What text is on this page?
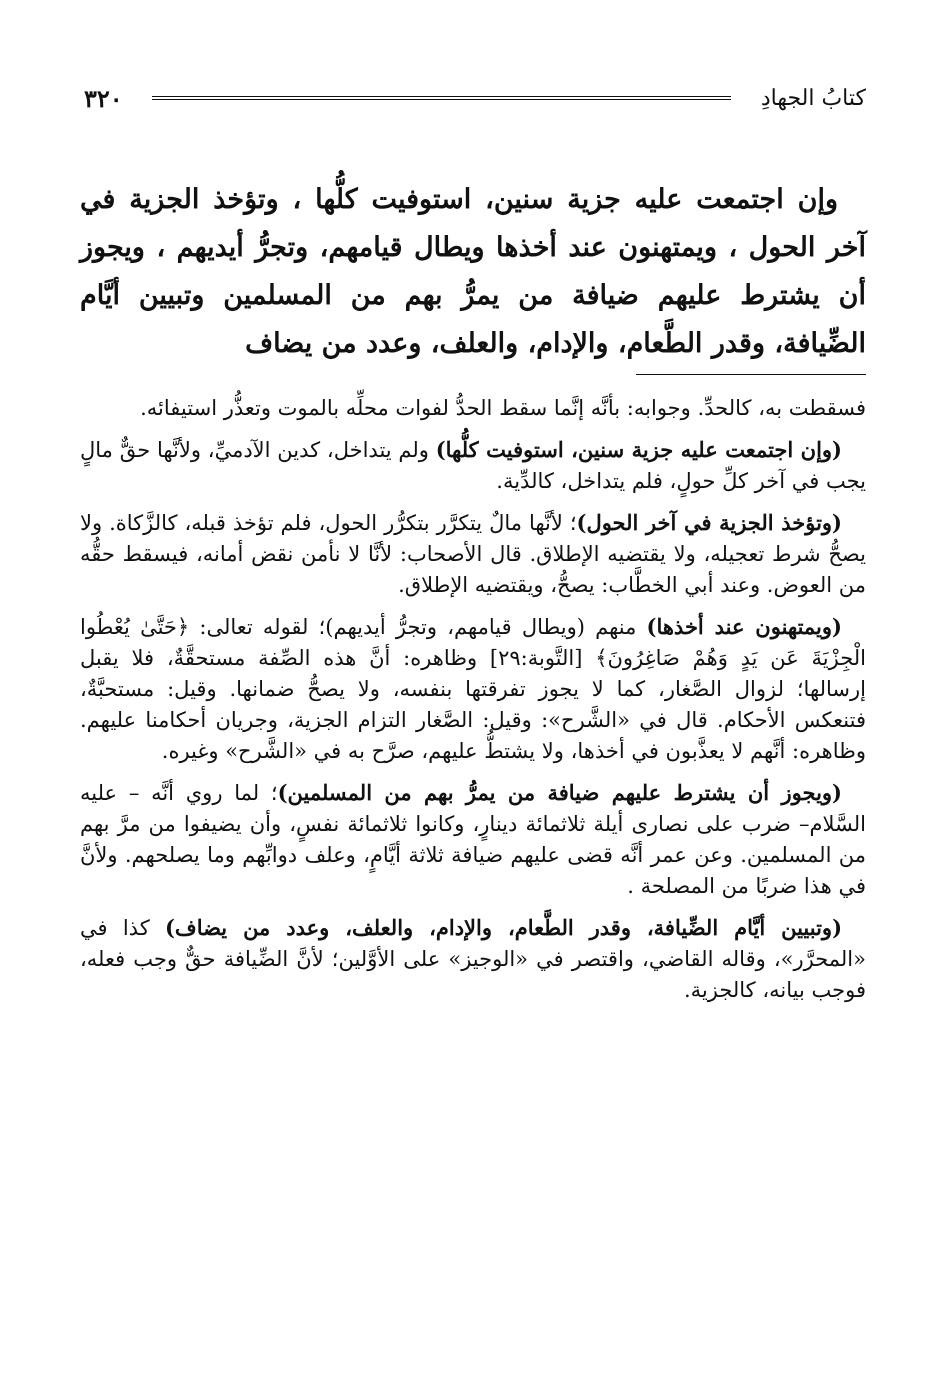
٣٢٠	كتابُ الجهادِ
وإن اجتمعت عليه جزية سنين، استوفيت كلُّها ، وتؤخذ الجزية في آخر الحول ، ويمتهنون عند أخذها ويطال قيامهم، وتجرُّ أيديهم ، ويجوز أن يشترط عليهم ضيافة من يمرُّ بهم من المسلمين وتبيين أيَّام الضِّيافة، وقدر الطَّعام، والإدام، والعلف، وعدد من يضاف

فسقطت به، كالحدِّ. وجوابه: بأنَّه إنَّما سقط الحدُّ لفوات محلِّه بالموت وتعذُّر استيفائه.

(وإن اجتمعت عليه جزية سنين، استوفيت كلُّها) ولم يتداخل، كدين الآدميِّ، ولأنَّها حقٌّ مالٍ يجب في آخر كلِّ حولٍ، فلم يتداخل، كالدِّية.

(وتؤخذ الجزية في آخر الحول)؛ لأنَّها مالٌ يتكرَّر بتكرُّر الحول، فلم تؤخذ قبله، كالزَّكاة. ولا يصحُّ شرط تعجيله، ولا يقتضيه الإطلاق. قال الأصحاب: لأنَّا لا نأمن نقض أمانه، فيسقط حقُّه من العوض. وعند أبي الخطَّاب: يصحُّ، ويقتضيه الإطلاق.

(ويمتهنون عند أخذها) منهم (ويطال قيامهم، وتجرُّ أيديهم)؛ لقوله تعالى: ﴿حَتَّىٰ يُعْطُوا الْجِزْيَةَ عَن يَدٍ وَهُمْ صَاغِرُونَ﴾ [التَّوبة:٢٩] وظاهره: أنَّ هذه الصِّفة مستحقَّةٌ، فلا يقبل إرسالها؛ لزوال الصَّغار، كما لا يجوز تفرقتها بنفسه، ولا يصحُّ ضمانها. وقيل: مستحبَّةٌ، فتنعكس الأحكام. قال في «الشَّرح»: وقيل: الصَّغار التزام الجزية، وجريان أحكامنا عليهم. وظاهره: أنَّهم لا يعذَّبون في أخذها، ولا يشتطُّ عليهم، صرَّح به في «الشَّرح» وغيره.

(ويجوز أن يشترط عليهم ضيافة من يمرُّ بهم من المسلمين)؛ لما روي أنَّه – عليه السَّلام– ضرب على نصارى أيلة ثلاثمائة دينارٍ، وكانوا ثلاثمائة نفسٍ، وأن يضيفوا من مرَّ بهم من المسلمين. وعن عمر أنَّه قضى عليهم ضيافة ثلاثة أيَّامٍ، وعلف دوابِّهم وما يصلحهم. ولأنَّ في هذا ضربًا من المصلحة .

(وتبيين أيَّام الضِّيافة، وقدر الطَّعام، والإدام، والعلف، وعدد من يضاف) كذا في «المحرَّر»، وقاله القاضي، واقتصر في «الوجيز» على الأوَّلين؛ لأنَّ الضِّيافة حقٌّ وجب فعله، فوجب بيانه، كالجزية.
